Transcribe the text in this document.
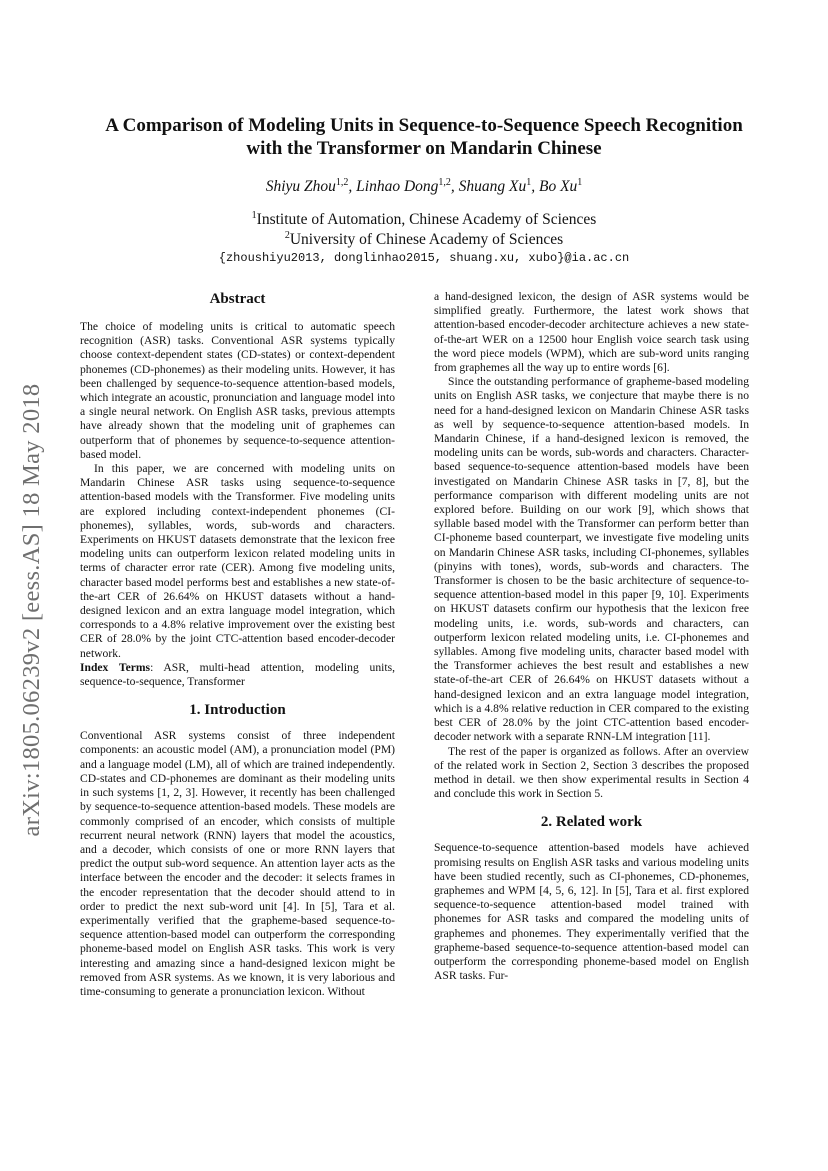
arXiv:1805.06239v2 [eess.AS] 18 May 2018
A Comparison of Modeling Units in Sequence-to-Sequence Speech Recognition
with the Transformer on Mandarin Chinese
Shiyu Zhou$^{1,2}$, Linhao Dong$^{1,2}$, Shuang Xu$^1$, Bo Xu$^1$
$^1$Institute of Automation, Chinese Academy of Sciences
$^2$University of Chinese Academy of Sciences
{zhoushiyu2013, donglinhao2015, shuang.xu, xubo}@ia.ac.cn
Abstract

The choice of modeling units is critical to automatic speech recognition (ASR) tasks. Conventional ASR systems typically choose context-dependent states (CD-states) or context-dependent phonemes (CD-phonemes) as their modeling units. However, it has been challenged by sequence-to-sequence attention-based models, which integrate an acoustic, pronunciation and language model into a single neural network. On English ASR tasks, previous attempts have already shown that the modeling unit of graphemes can outperform that of phonemes by sequence-to-sequence attention-based model.

In this paper, we are concerned with modeling units on Mandarin Chinese ASR tasks using sequence-to-sequence attention-based models with the Transformer. Five modeling units are explored including context-independent phonemes (CI-phonemes), syllables, words, sub-words and characters. Experiments on HKUST datasets demonstrate that the lexicon free modeling units can outperform lexicon related modeling units in terms of character error rate (CER). Among five modeling units, character based model performs best and establishes a new state-of-the-art CER of 26.64% on HKUST datasets without a hand-designed lexicon and an extra language model integration, which corresponds to a 4.8% relative improvement over the existing best CER of 28.0% by the joint CTC-attention based encoder-decoder network.

Index Terms: ASR, multi-head attention, modeling units, sequence-to-sequence, Transformer

1. Introduction

Conventional ASR systems consist of three independent components: an acoustic model (AM), a pronunciation model (PM) and a language model (LM), all of which are trained independently. CD-states and CD-phonemes are dominant as their modeling units in such systems [1, 2, 3]. However, it recently has been challenged by sequence-to-sequence attention-based models. These models are commonly comprised of an encoder, which consists of multiple recurrent neural network (RNN) layers that model the acoustics, and a decoder, which consists of one or more RNN layers that predict the output sub-word sequence. An attention layer acts as the interface between the encoder and the decoder: it selects frames in the encoder representation that the decoder should attend to in order to predict the next sub-word unit [4]. In [5], Tara et al. experimentally verified that the grapheme-based sequence-to-sequence attention-based model can outperform the corresponding phoneme-based model on English ASR tasks. This work is very interesting and amazing since a hand-designed lexicon might be removed from ASR systems. As we known, it is very laborious and time-consuming to generate a pronunciation lexicon. Without

a hand-designed lexicon, the design of ASR systems would be simplified greatly. Furthermore, the latest work shows that attention-based encoder-decoder architecture achieves a new state-of-the-art WER on a 12500 hour English voice search task using the word piece models (WPM), which are sub-word units ranging from graphemes all the way up to entire words [6].

Since the outstanding performance of grapheme-based modeling units on English ASR tasks, we conjecture that maybe there is no need for a hand-designed lexicon on Mandarin Chinese ASR tasks as well by sequence-to-sequence attention-based models. In Mandarin Chinese, if a hand-designed lexicon is removed, the modeling units can be words, sub-words and characters. Character-based sequence-to-sequence attention-based models have been investigated on Mandarin Chinese ASR tasks in [7, 8], but the performance comparison with different modeling units are not explored before. Building on our work [9], which shows that syllable based model with the Transformer can perform better than CI-phoneme based counterpart, we investigate five modeling units on Mandarin Chinese ASR tasks, including CI-phonemes, syllables (pinyins with tones), words, sub-words and characters. The Transformer is chosen to be the basic architecture of sequence-to-sequence attention-based model in this paper [9, 10]. Experiments on HKUST datasets confirm our hypothesis that the lexicon free modeling units, i.e. words, sub-words and characters, can outperform lexicon related modeling units, i.e. CI-phonemes and syllables. Among five modeling units, character based model with the Transformer achieves the best result and establishes a new state-of-the-art CER of 26.64% on HKUST datasets without a hand-designed lexicon and an extra language model integration, which is a 4.8% relative reduction in CER compared to the existing best CER of 28.0% by the joint CTC-attention based encoder-decoder network with a separate RNN-LM integration [11].

The rest of the paper is organized as follows. After an overview of the related work in Section 2, Section 3 describes the proposed method in detail. we then show experimental results in Section 4 and conclude this work in Section 5.

2. Related work

Sequence-to-sequence attention-based models have achieved promising results on English ASR tasks and various modeling units have been studied recently, such as CI-phonemes, CD-phonemes, graphemes and WPM [4, 5, 6, 12]. In [5], Tara et al. first explored sequence-to-sequence attention-based model trained with phonemes for ASR tasks and compared the modeling units of graphemes and phonemes. They experimentally verified that the grapheme-based sequence-to-sequence attention-based model can outperform the corresponding phoneme-based model on English ASR tasks. Fur-
